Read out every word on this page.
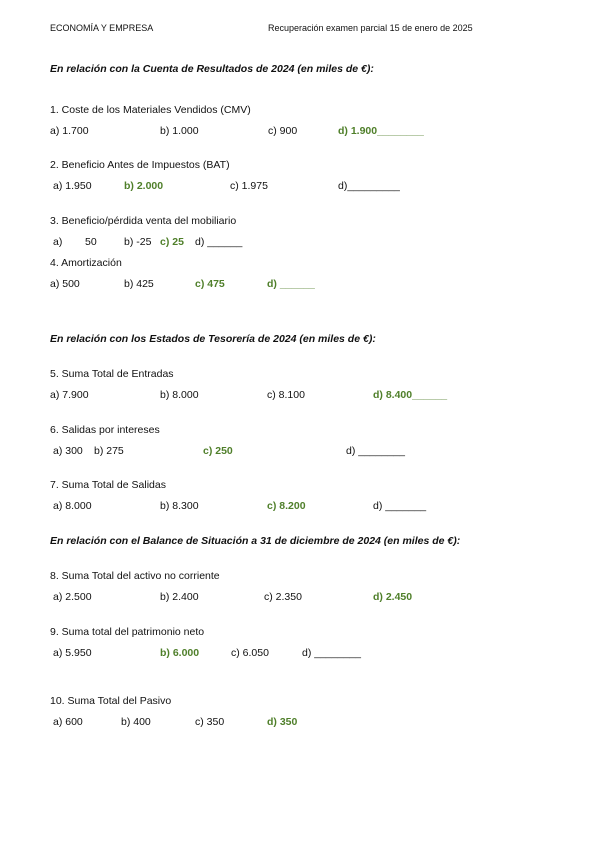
ECONOMÍA Y EMPRESA	Recuperación examen parcial 15 de enero de 2025
En relación con la Cuenta de Resultados de 2024 (en miles de €):
1. Coste de los Materiales Vendidos (CMV)
a) 1.700	b) 1.000	c) 900	d) 1.900________
2. Beneficio Antes de Impuestos (BAT)
a) 1.950	b) 2.000	c) 1.975	d)_________
3. Beneficio/pérdida venta del mobiliario
a) 50	b) -25 c) 25 d) ______
4. Amortización
a) 500	b) 425	c) 475	d) ______
En relación con los Estados de Tesorería de 2024 (en miles de €):
5. Suma Total de Entradas
a) 7.900	b) 8.000	c) 8.100	d) 8.400______
6. Salidas por intereses
a) 300 b) 275	c) 250	d) ________
7. Suma Total de Salidas
a) 8.000	b) 8.300	c) 8.200	d) _______
En relación con el Balance de Situación a 31 de diciembre de 2024 (en miles de €):
8. Suma Total del activo no corriente
a) 2.500	b) 2.400	c) 2.350	d) 2.450
9. Suma total del patrimonio neto
a) 5.950	b) 6.000	c) 6.050	d) ________
10. Suma Total del Pasivo
a) 600	b) 400	c) 350	d) 350
